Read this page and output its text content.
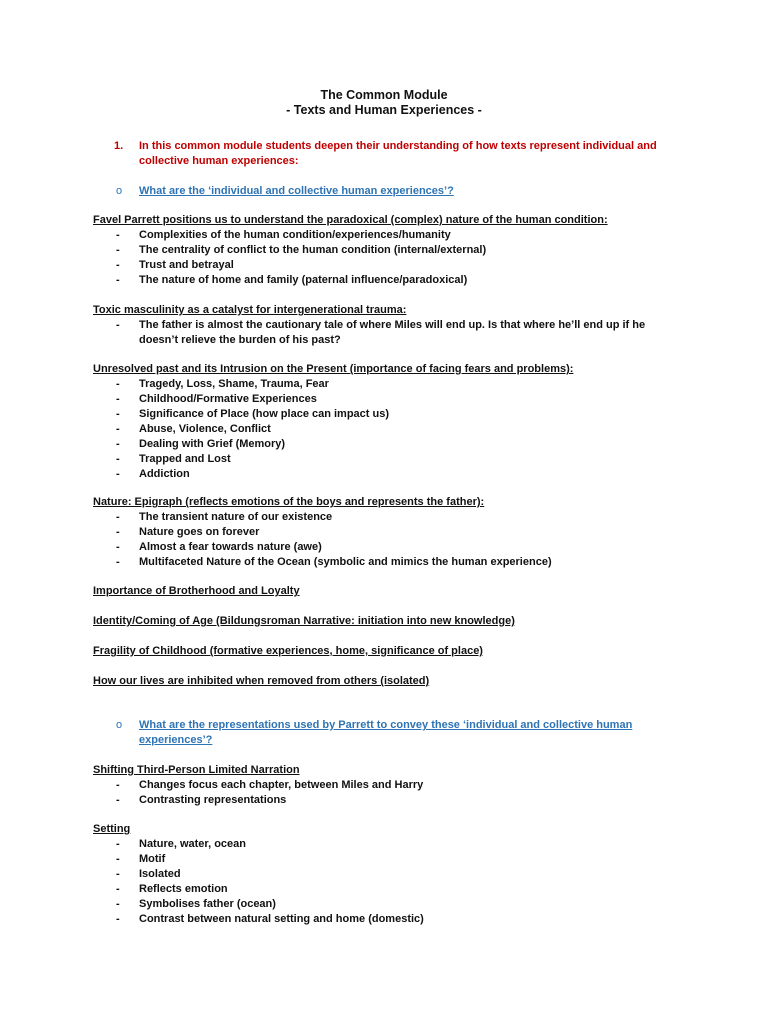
The Common Module
- Texts and Human Experiences -
1. In this common module students deepen their understanding of how texts represent individual and collective human experiences:
o What are the ‘individual and collective human experiences’?
Favel Parrett positions us to understand the paradoxical (complex) nature of the human condition:
- Complexities of the human condition/experiences/humanity
- The centrality of conflict to the human condition (internal/external)
- Trust and betrayal
- The nature of home and family (paternal influence/paradoxical)
Toxic masculinity as a catalyst for intergenerational trauma:
- The father is almost the cautionary tale of where Miles will end up. Is that where he’ll end up if he doesn’t relieve the burden of his past?
Unresolved past and its Intrusion on the Present (importance of facing fears and problems):
- Tragedy, Loss, Shame, Trauma, Fear
- Childhood/Formative Experiences
- Significance of Place (how place can impact us)
- Abuse, Violence, Conflict
- Dealing with Grief (Memory)
- Trapped and Lost
- Addiction
Nature: Epigraph (reflects emotions of the boys and represents the father):
- The transient nature of our existence
- Nature goes on forever
- Almost a fear towards nature (awe)
- Multifaceted Nature of the Ocean (symbolic and mimics the human experience)
Importance of Brotherhood and Loyalty
Identity/Coming of Age (Bildungsroman Narrative: initiation into new knowledge)
Fragility of Childhood (formative experiences, home, significance of place)
How our lives are inhibited when removed from others (isolated)
o What are the representations used by Parrett to convey these ‘individual and collective human experiences’?
Shifting Third-Person Limited Narration
- Changes focus each chapter, between Miles and Harry
- Contrasting representations
Setting
- Nature, water, ocean
- Motif
- Isolated
- Reflects emotion
- Symbolises father (ocean)
- Contrast between natural setting and home (domestic)
